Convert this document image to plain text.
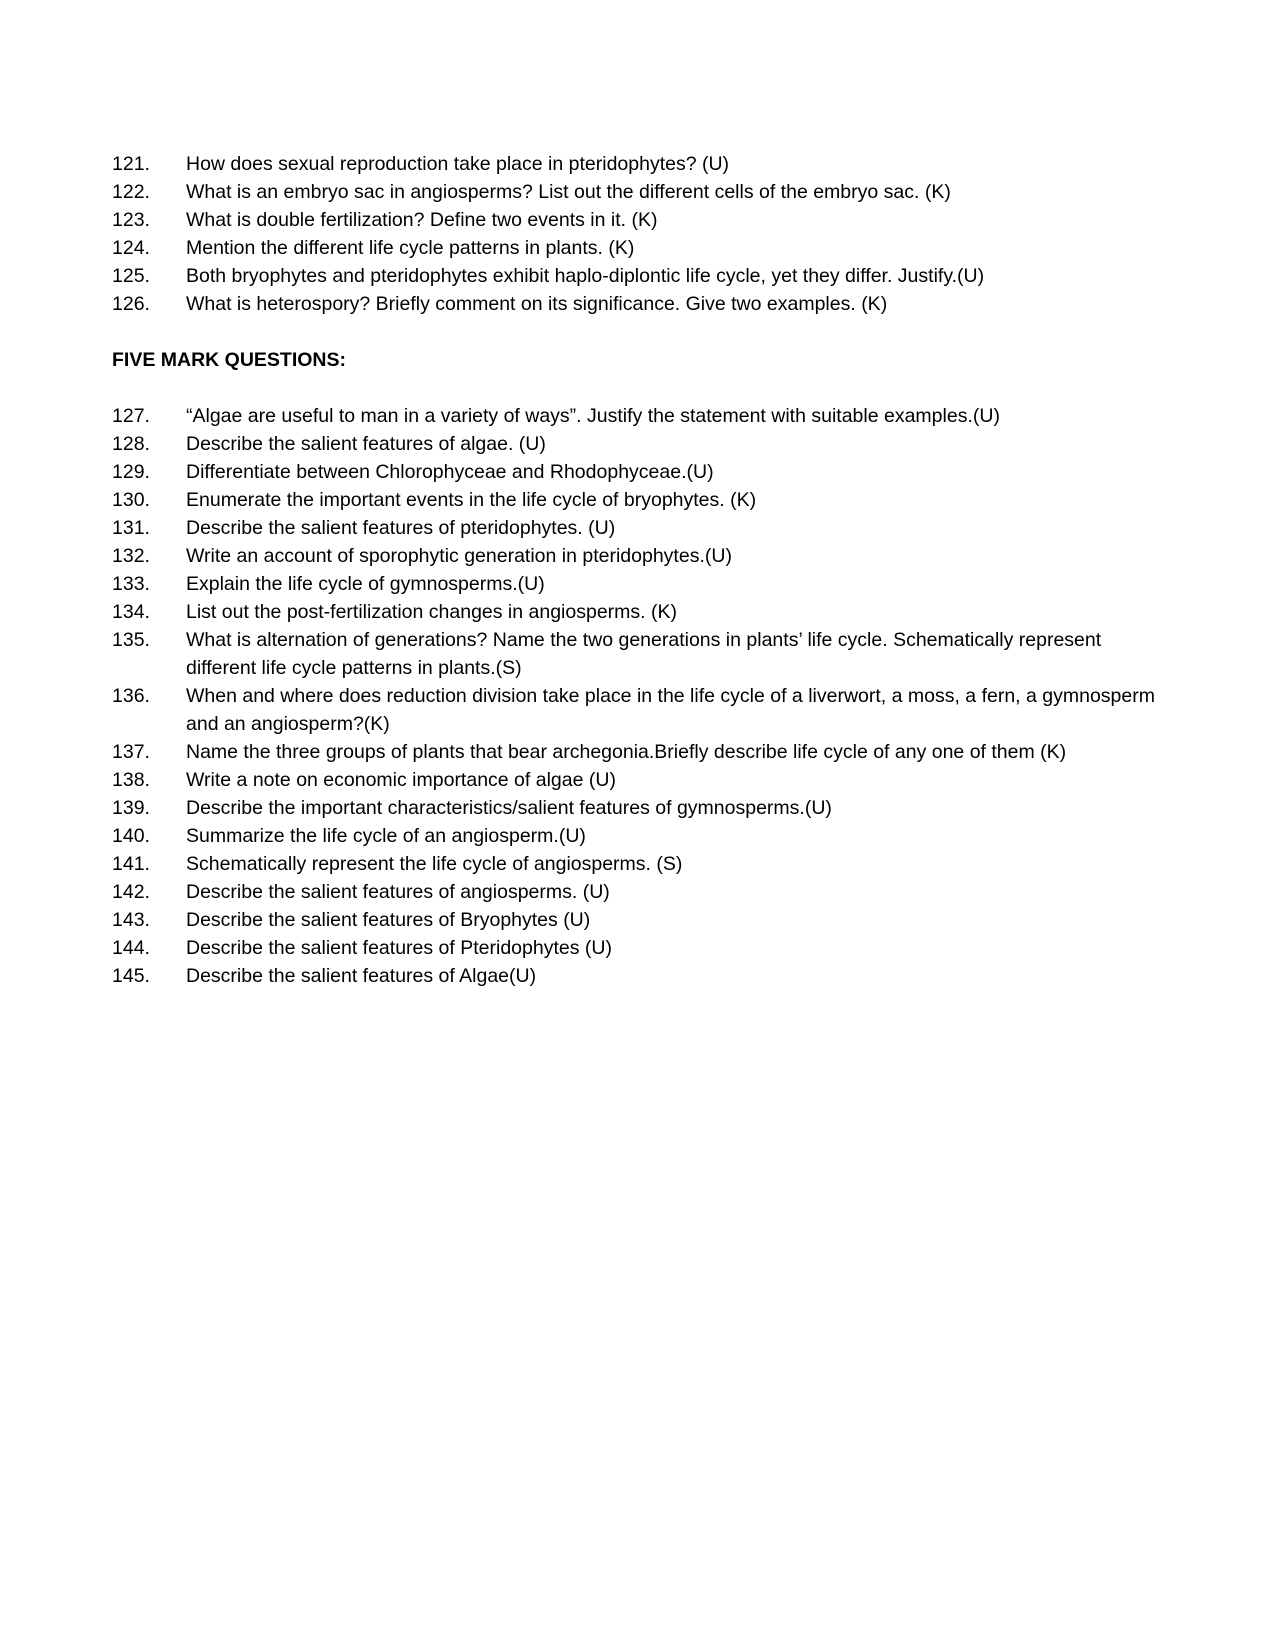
121.	How does sexual reproduction take place in pteridophytes? (U)
122.	What is an embryo sac in angiosperms? List out the different cells of the embryo sac. (K)
123.	What is double fertilization? Define two events in it. (K)
124.	Mention the different life cycle patterns in plants. (K)
125.	Both bryophytes and pteridophytes exhibit haplo-diplontic life cycle, yet they differ. Justify.(U)
126.	What is heterospory? Briefly comment on its significance. Give two examples. (K)
FIVE MARK QUESTIONS:
127.	“Algae are useful to man in a variety of ways”. Justify the statement with suitable examples.(U)
128.	Describe the salient features of algae. (U)
129.	Differentiate between Chlorophyceae and Rhodophyceae.(U)
130.	Enumerate the important events in the life cycle of bryophytes. (K)
131.	Describe the salient features of pteridophytes. (U)
132.	Write an account of sporophytic generation in pteridophytes.(U)
133.	Explain the life cycle of gymnosperms.(U)
134.	List out the post-fertilization changes in angiosperms. (K)
135.	What is alternation of generations? Name the two generations in plants’ life cycle. Schematically represent different life cycle patterns in plants.(S)
136.	When and where does reduction division take place in the life cycle of a liverwort, a moss, a fern, a gymnosperm and an angiosperm?(K)
137.	Name the three groups of plants that bear archegonia.Briefly describe life cycle of any one of them (K)
138.	Write a note on economic importance of algae (U)
139.	Describe the important characteristics/salient features of gymnosperms.(U)
140.	Summarize the life cycle of an angiosperm.(U)
141.	Schematically represent the life cycle of angiosperms. (S)
142.	Describe the salient features of angiosperms. (U)
143.	Describe the salient features of Bryophytes (U)
144.	Describe the salient features of Pteridophytes (U)
145.	Describe the salient features of Algae(U)
